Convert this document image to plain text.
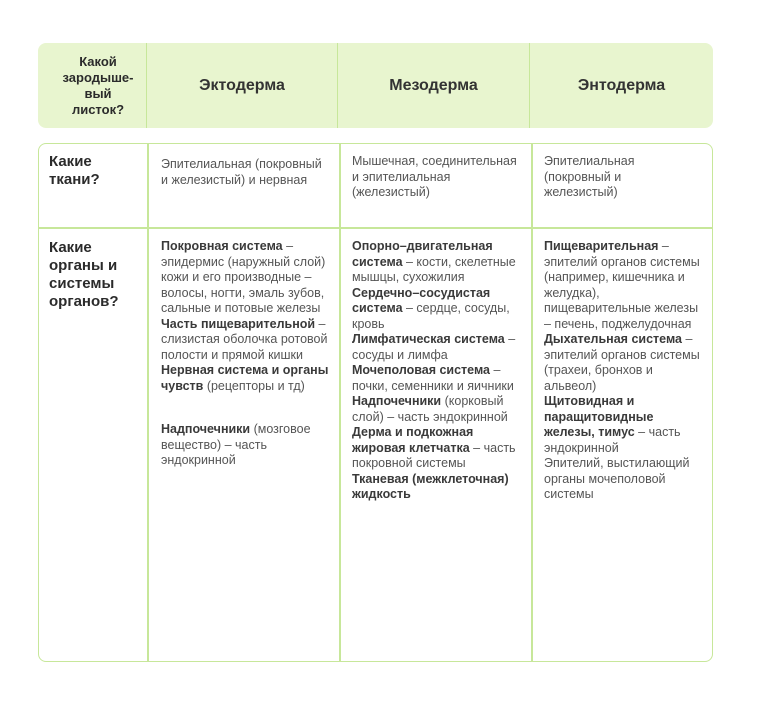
Какой зародыше-вый листок?
Эктодерма	Мезодерма	Энтодерма
Какие ткани?
Эпителиальная (покровный и железистый) и нервная
Мышечная, соединительная и эпителиальная (железистый)
Эпителиальная (покровный и железистый)
Какие органы и системы органов?

Покровная система – эпидермис (наружный слой) кожи и его производные – волосы, ногти, эмаль зубов, сальные и потовые железы

Часть пищеварительной – слизистая оболочка ротовой полости и прямой кишки

Нервная система и органы чувств (рецепторы и тд)

Надпочечники (мозговое вещество) – часть эндокринной

Опорно–двигательная система – кости, скелетные мышцы, сухожилия

Сердечно–сосудистая система – сердце, сосуды, кровь

Лимфатическая система – сосуды и лимфа

Мочеполовая система – почки, семенники и яичники

Надпочечники (корковый слой) – часть эндокринной

Дерма и подкожная жировая клетчатка – часть покровной системы

Тканевая (межклеточная) жидкость

Пищеварительная – эпителий органов системы (например, кишечника и желудка), пищеварительные железы – печень, поджелудочная

Дыхательная система – эпителий органов системы (трахеи, бронхов и альвеол)

Щитовидная и паращитовидные железы, тимус – часть эндокринной

Эпителий, выстилающий органы мочеполовой системы
